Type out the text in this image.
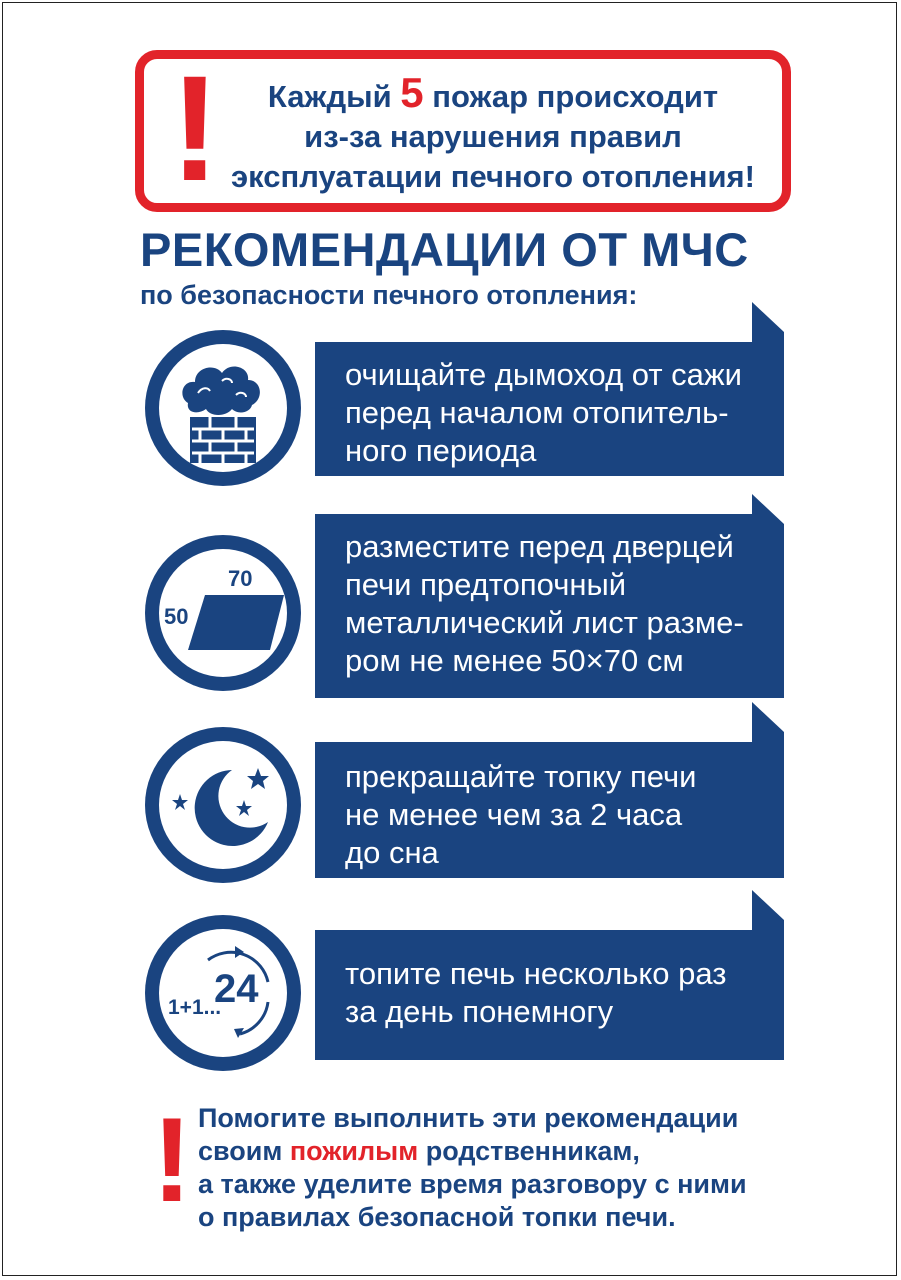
!	Каждый 5 пожар происходит
из-за нарушения правил
эксплуатации печного отопления!
РЕКОМЕНДАЦИИ ОТ МЧС
по безопасности печного отопления:
очищайте дымоход от сажи
перед началом отопитель-
ного периода
70
50
разместите перед дверцей
печи предтопочный
металлический лист разме-
ром не менее 50×70 см
прекращайте топку печи
не менее чем за 2 часа
до сна
24
1+1...
топите печь несколько раз
за день понемногу
! Помогите выполнить эти рекомендации
своим пожилым родственникам,
а также уделите время разговору с ними
о правилах безопасной топки печи.
